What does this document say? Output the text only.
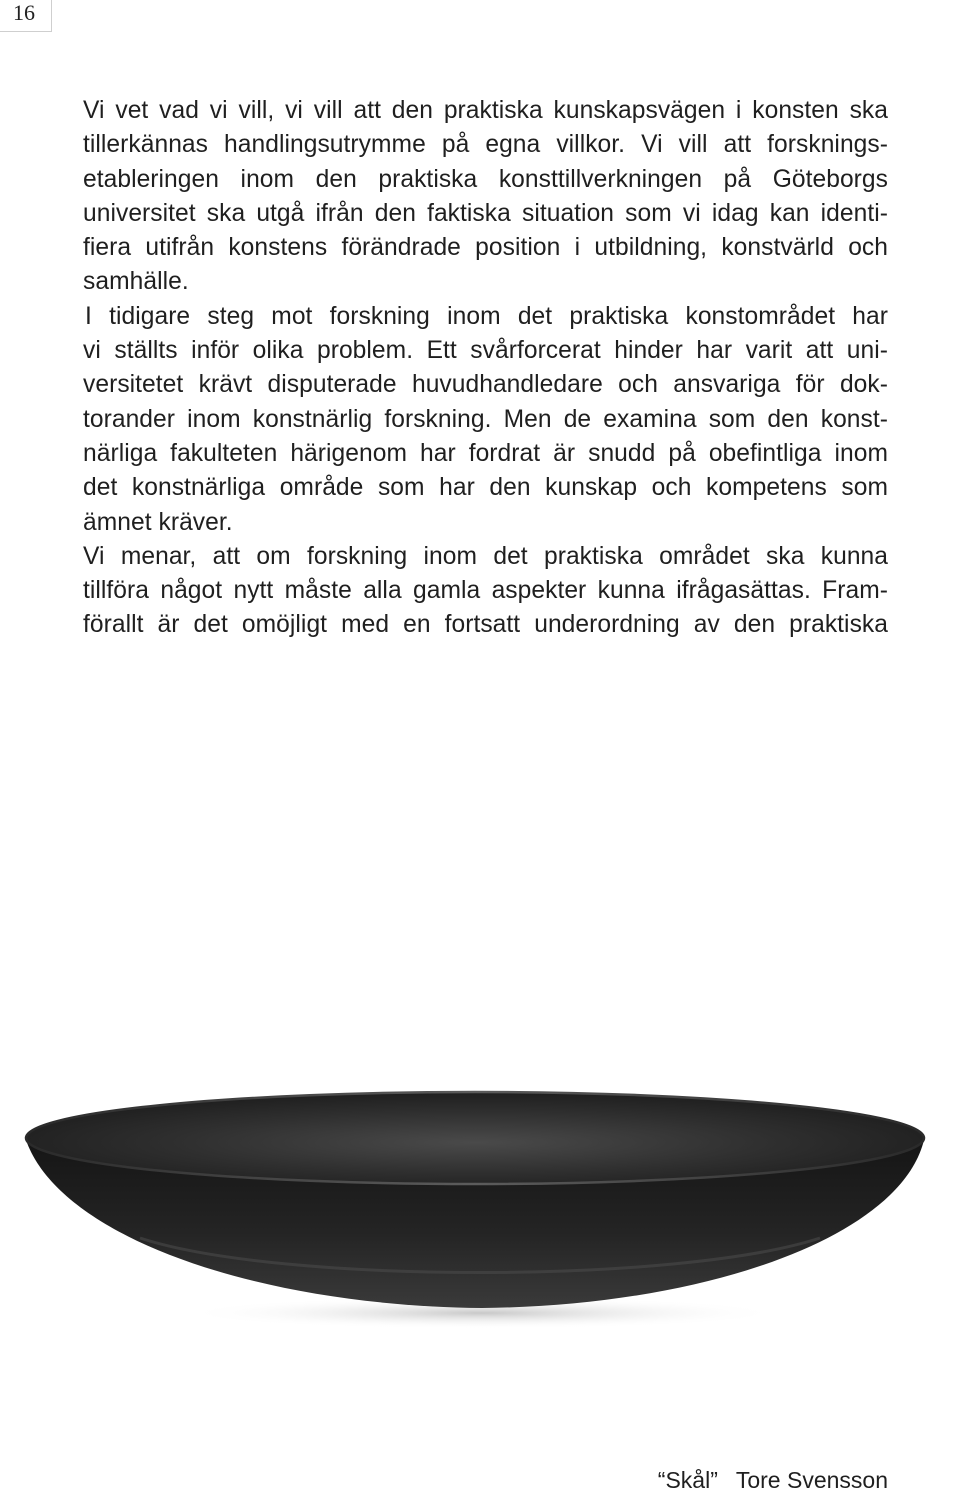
16
Vi vet vad vi vill, vi vill att den praktiska kunskapsvägen i konsten ska
tillerkännas handlingsutrymme på egna villkor. Vi vill att forsknings-
etableringen inom den praktiska konsttillverkningen på Göteborgs
universitet ska utgå ifrån den faktiska situation som vi idag kan identi-
fiera utifrån konstens förändrade position i utbildning, konstvärld och
samhälle.
I tidigare steg mot forskning inom det praktiska konstområdet har
vi ställts inför olika problem. Ett svårforcerat hinder har varit att uni-
versitetet krävt disputerade huvudhandledare och ansvariga för dok-
torander inom konstnärlig forskning. Men de examina som den konst-
närliga fakulteten härigenom har fordrat är snudd på obefintliga inom
det konstnärliga område som har den kunskap och kompetens som
ämnet kräver.
Vi menar, att om forskning inom det praktiska området ska kunna
tillföra något nytt måste alla gamla aspekter kunna ifrågasättas. Fram-
förallt är det omöjligt med en fortsatt underordning av den praktiska
“Skål” Tore Svensson
